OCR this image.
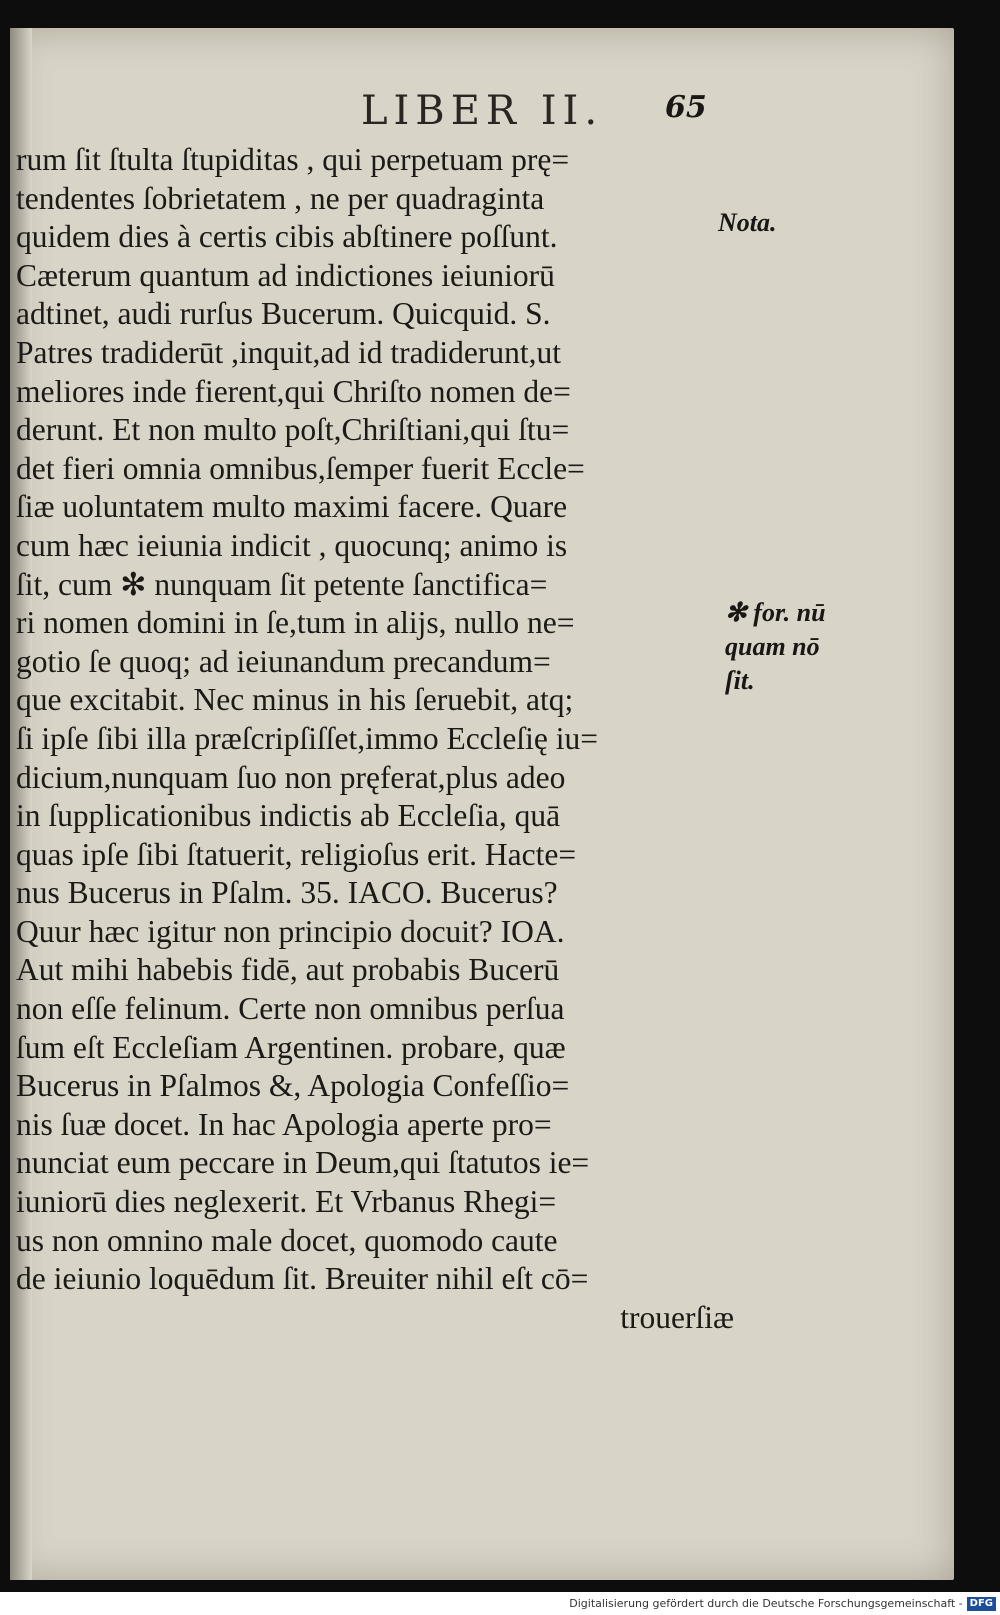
LIBER II.	65
rum ſit ſtulta ſtupiditas , qui perpetuam prę=
tendentes ſobrietatem , ne per quadraginta
quidem dies à certis cibis abſtinere poſſunt.
Cæterum quantum ad indictiones ieiuniorū
adtinet, audi rurſus Bucerum. Quicquid. S.
Patres tradiderūt ,inquit,ad id tradiderunt,ut
meliores inde fierent,qui Chriſto nomen de=
derunt. Et non multo poſt,Chriſtiani,qui ſtu=
det fieri omnia omnibus,ſemper fuerit Eccle=
ſiæ uoluntatem multo maximi facere. Quare
cum hæc ieiunia indicit , quocunq; animo is
ſit, cum ✻ nunquam ſit petente ſanctifica=
ri nomen domini in ſe,tum in alijs, nullo ne=
gotio ſe quoq; ad ieiunandum precandum=
que excitabit. Nec minus in his ſeruebit, atq;
ſi ipſe ſibi illa præſcripſiſſet,immo Eccleſię iu=
dicium,nunquam ſuo non pręferat,plus adeo
in ſupplicationibus indictis ab Eccleſia, quā
quas ipſe ſibi ſtatuerit, religioſus erit. Hacte=
nus Bucerus in Pſalm. 35. IACO. Bucerus?
Quur hæc igitur non principio docuit? IOA.
Aut mihi habebis fidē, aut probabis Bucerū
non eſſe felinum. Certe non omnibus perſua
ſum eſt Eccleſiam Argentinen. probare, quæ
Bucerus in Pſalmos &, Apologia Confeſſio=
nis ſuæ docet. In hac Apologia aperte pro=
nunciat eum peccare in Deum,qui ſtatutos ie=
iuniorū dies neglexerit. Et Vrbanus Rhegi=
us non omnino male docet, quomodo caute
de ieiunio loquēdum ſit. Breuiter nihil eſt cō=
trouerſiæ
Nota.
✻ for. nū
quam nō
ſit.
Digitalisierung gefördert durch die Deutsche Forschungsgemeinschaft - DFG
